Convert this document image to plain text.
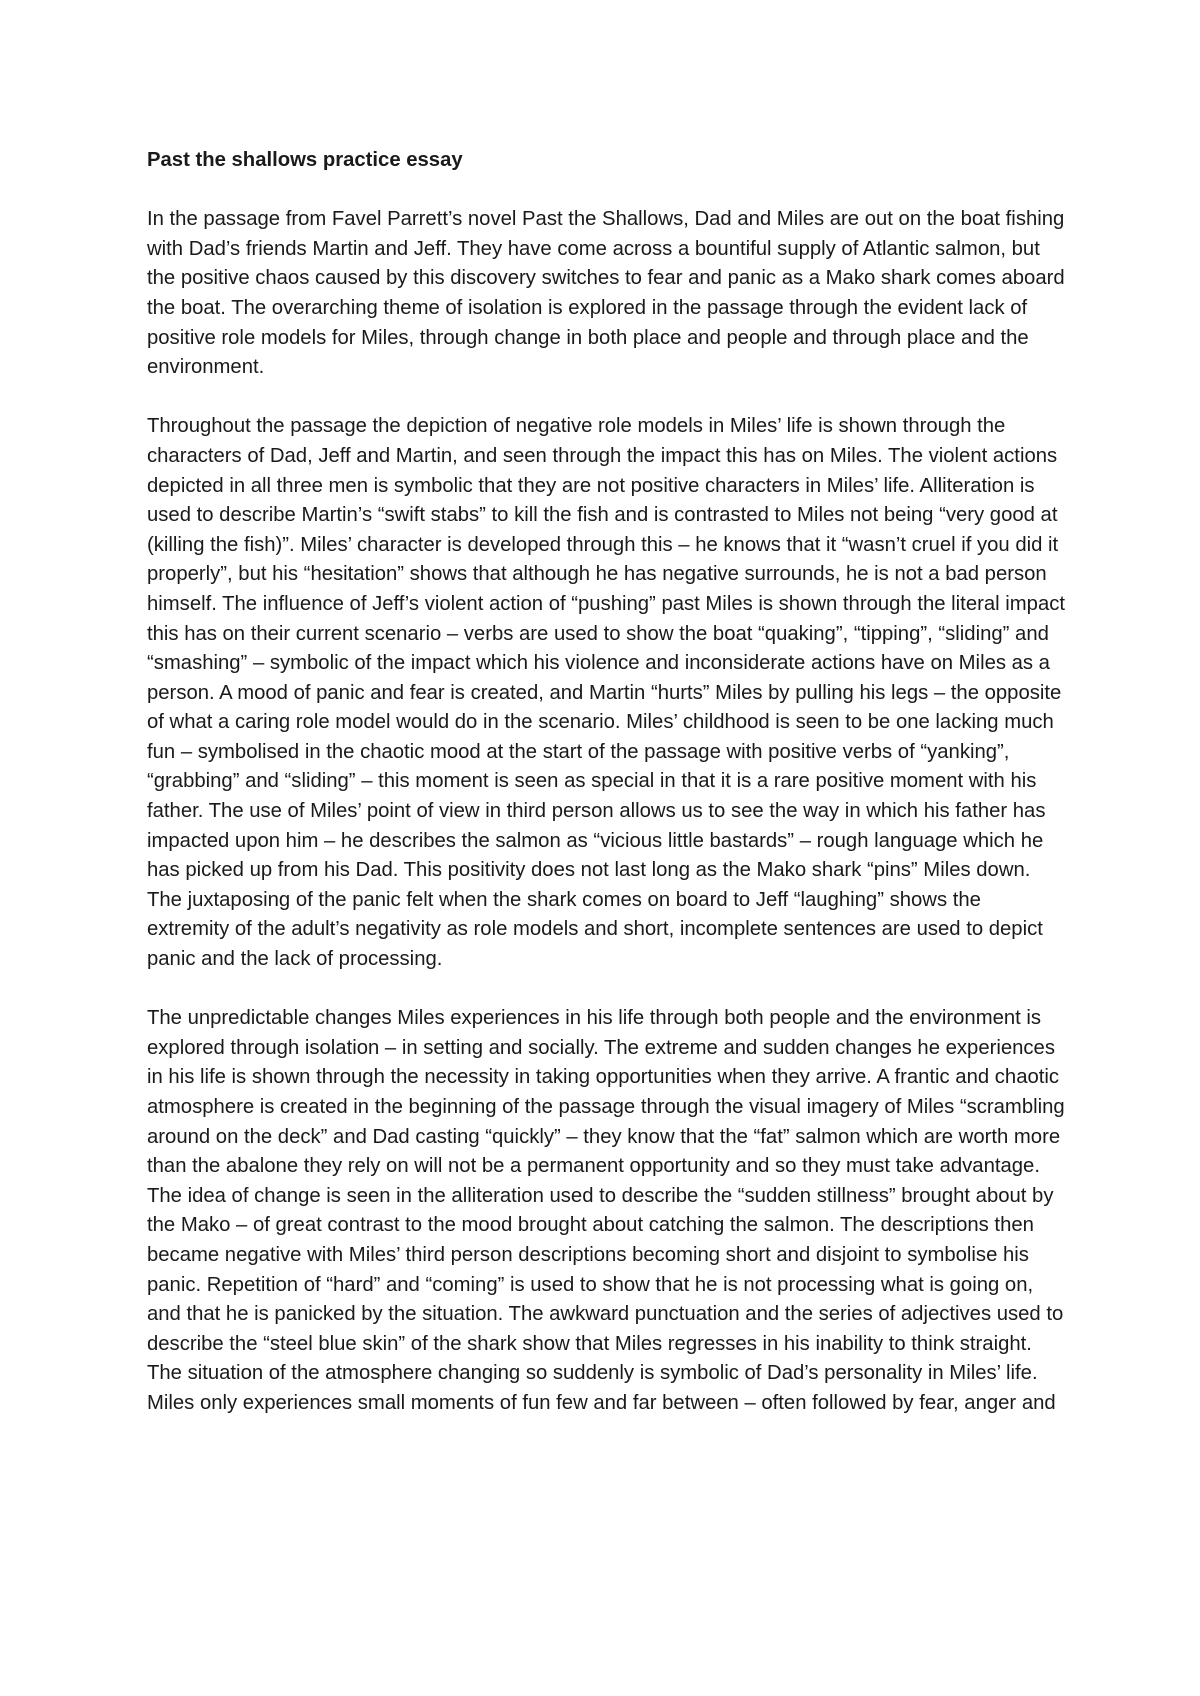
Past the shallows practice essay

In the passage from Favel Parrett’s novel Past the Shallows, Dad and Miles are out on the boat fishing with Dad’s friends Martin and Jeff. They have come across a bountiful supply of Atlantic salmon, but the positive chaos caused by this discovery switches to fear and panic as a Mako shark comes aboard the boat. The overarching theme of isolation is explored in the passage through the evident lack of positive role models for Miles, through change in both place and people and through place and the environment.

Throughout the passage the depiction of negative role models in Miles’ life is shown through the characters of Dad, Jeff and Martin, and seen through the impact this has on Miles. The violent actions depicted in all three men is symbolic that they are not positive characters in Miles’ life. Alliteration is used to describe Martin’s “swift stabs” to kill the fish and is contrasted to Miles not being “very good at (killing the fish)”. Miles’ character is developed through this – he knows that it “wasn’t cruel if you did it properly”, but his “hesitation” shows that although he has negative surrounds, he is not a bad person himself. The influence of Jeff’s violent action of “pushing” past Miles is shown through the literal impact this has on their current scenario – verbs are used to show the boat “quaking”, “tipping”, “sliding” and “smashing” – symbolic of the impact which his violence and inconsiderate actions have on Miles as a person. A mood of panic and fear is created, and Martin “hurts” Miles by pulling his legs – the opposite of what a caring role model would do in the scenario. Miles’ childhood is seen to be one lacking much fun – symbolised in the chaotic mood at the start of the passage with positive verbs of “yanking”, “grabbing” and “sliding” – this moment is seen as special in that it is a rare positive moment with his father. The use of Miles’ point of view in third person allows us to see the way in which his father has impacted upon him – he describes the salmon as “vicious little bastards” – rough language which he has picked up from his Dad. This positivity does not last long as the Mako shark “pins” Miles down. The juxtaposing of the panic felt when the shark comes on board to Jeff “laughing” shows the extremity of the adult’s negativity as role models and short, incomplete sentences are used to depict panic and the lack of processing.

The unpredictable changes Miles experiences in his life through both people and the environment is explored through isolation – in setting and socially. The extreme and sudden changes he experiences in his life is shown through the necessity in taking opportunities when they arrive. A frantic and chaotic atmosphere is created in the beginning of the passage through the visual imagery of Miles “scrambling around on the deck” and Dad casting “quickly” – they know that the “fat” salmon which are worth more than the abalone they rely on will not be a permanent opportunity and so they must take advantage. The idea of change is seen in the alliteration used to describe the “sudden stillness” brought about by the Mako – of great contrast to the mood brought about catching the salmon. The descriptions then became negative with Miles’ third person descriptions becoming short and disjoint to symbolise his panic. Repetition of “hard” and “coming” is used to show that he is not processing what is going on, and that he is panicked by the situation. The awkward punctuation and the series of adjectives used to describe the “steel blue skin” of the shark show that Miles regresses in his inability to think straight. The situation of the atmosphere changing so suddenly is symbolic of Dad’s personality in Miles’ life. Miles only experiences small moments of fun few and far between – often followed by fear, anger and
